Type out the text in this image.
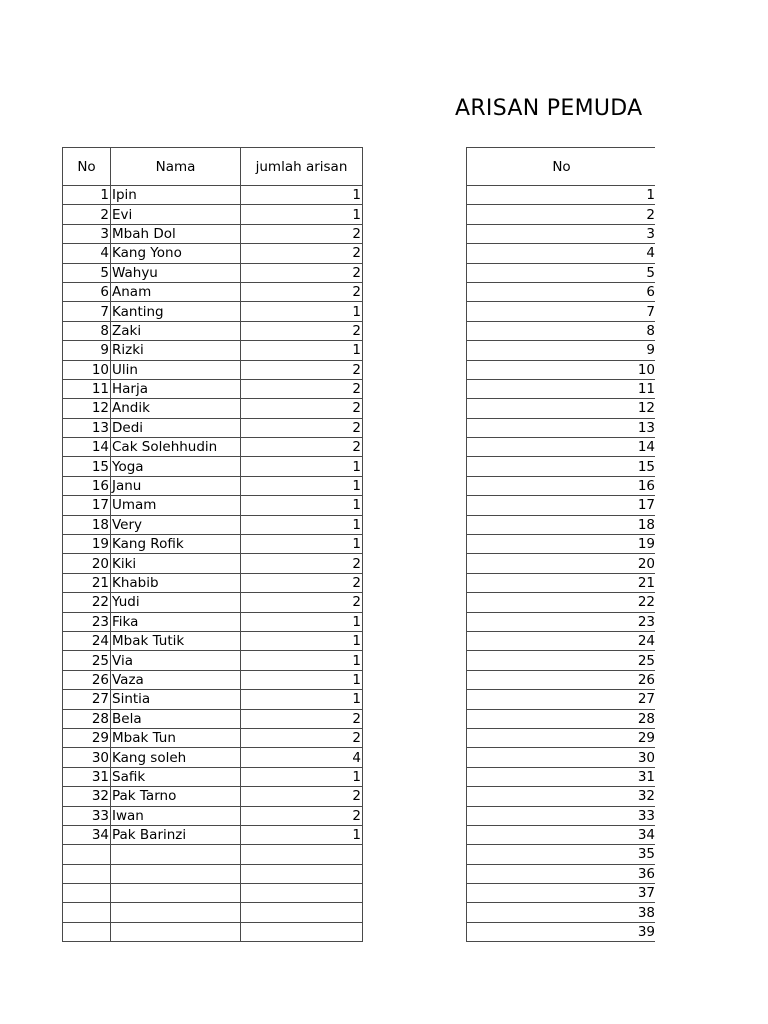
ARISAN PEMUDA
No	Nama	jumlah arisan
1	Ipin	1
2	Evi	1
3	Mbah Dol	2
4	Kang Yono	2
5	Wahyu	2
6	Anam	2
7	Kanting	1
8	Zaki	2
9	Rizki	1
10	Ulin	2
11	Harja	2
12	Andik	2
13	Dedi	2
14	Cak Solehhudin	2
15	Yoga	1
16	Janu	1
17	Umam	1
18	Very	1
19	Kang Rofik	1
20	Kiki	2
21	Khabib	2
22	Yudi	2
23	Fika	1
24	Mbak Tutik	1
25	Via	1
26	Vaza	1
27	Sintia	1
28	Bela	2
29	Mbak Tun	2
30	Kang soleh	4
31	Safik	1
32	Pak Tarno	2
33	Iwan	2
34	Pak Barinzi	1

No
1
2
3
4
5
6
7
8
9
10
11
12
13
14
15
16
17
18
19
20
21
22
23
24
25
26
27
28
29
30
31
32
33
34
35
36
37
38
39
